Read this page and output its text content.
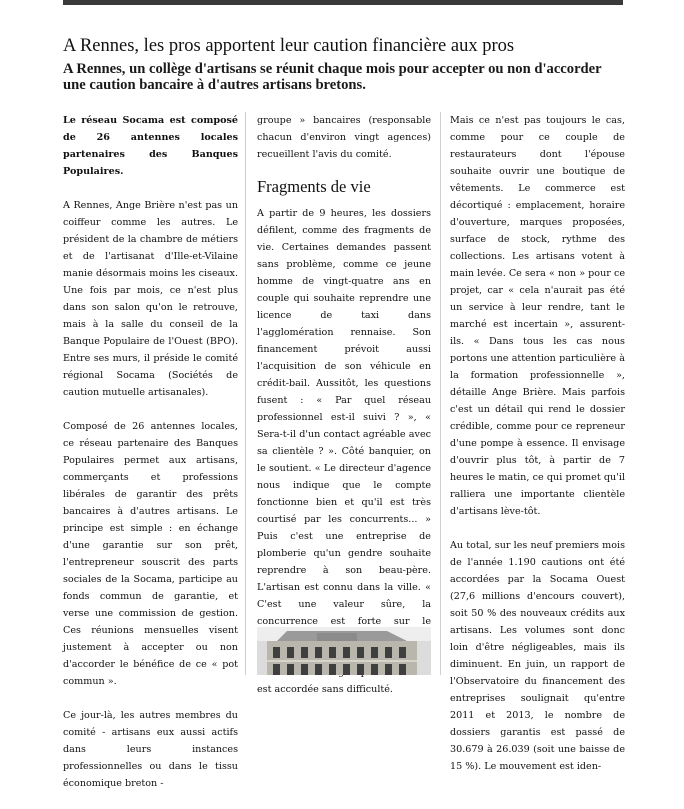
A Rennes, les pros apportent leur caution financière aux pros

A Rennes, un collège d'artisans se réunit chaque mois pour accepter ou non d'accorder une caution bancaire à d'autres artisans bretons.

Le réseau Socama est composé de 26 antennes locales partenaires des Banques Populaires.

A Rennes, Ange Brière n'est pas un coiffeur comme les autres. Le président de la chambre de métiers et de l'artisanat d'Ille-et-Vilaine manie désormais moins les ciseaux. Une fois par mois, ce n'est plus dans son salon qu'on le retrouve, mais à la salle du conseil de la Banque Populaire de l'Ouest (BPO). Entre ses murs, il préside le comité régional Socama (Sociétés de caution mutuelle artisanales).

Composé de 26 antennes locales, ce réseau partenaire des Banques Populaires permet aux artisans, commerçants et professions libérales de garantir des prêts bancaires à d'autres artisans. Le principe est simple : en échange d'une garantie sur son prêt, l'entrepreneur souscrit des parts sociales de la Socama, participe au fonds commun de garantie, et verse une commission de gestion. Ces réunions mensuelles visent justement à accepter ou non d'accorder le bénéfice de ce « pot commun ».

Ce jour-là, les autres membres du comité - artisans eux aussi actifs dans leurs instances professionnelles ou dans le tissu économique breton -

groupe » bancaires (responsable chacun d'environ vingt agences) recueillent l'avis du comité.

Fragments de vie

A partir de 9 heures, les dossiers défilent, comme des fragments de vie. Certaines demandes passent sans problème, comme ce jeune homme de vingt-quatre ans en couple qui souhaite reprendre une licence de taxi dans l'agglomération rennaise. Son financement prévoit aussi l'acquisition de son véhicule en crédit-bail. Aussitôt, les questions fusent : « Par quel réseau professionnel est-il suivi ? », « Sera-t-il d'un contact agréable avec sa clientèle ? ». Côté banquier, on le soutient. « Le directeur d'agence nous indique que le compte fonctionne bien et qu'il est très courtisé par les concurrents... » Puis c'est une entreprise de plomberie qu'un gendre souhaite reprendre à son beau-père. L'artisan est connu dans la ville. « C'est une valeur sûre, la concurrence est forte sur le est accordée sans difficulté.

Mais ce n'est pas toujours le cas, comme pour ce couple de restaurateurs dont l'épouse souhaite ouvrir une boutique de vêtements. Le commerce est décortiqué : emplacement, horaire d'ouverture, marques proposées, surface de stock, rythme des collections. Les artisans votent à main levée. Ce sera « non » pour ce projet, car « cela n'aurait pas été un service à leur rendre, tant le marché est incertain », assurent-ils. « Dans tous les cas nous portons une attention particulière à la formation professionnelle », détaille Ange Brière. Mais parfois c'est un détail qui rend le dossier crédible, comme pour ce repreneur d'une pompe à essence. Il envisage d'ouvrir plus tôt, à partir de 7 heures le matin, ce qui promet qu'il ralliera une importante clientèle d'artisans lève-tôt.

Au total, sur les neuf premiers mois de l'année 1.190 cautions ont été accordées par la Socama Ouest (27,6 millions d'encours couvert), soit 50 % des nouveaux crédits aux artisans. Les volumes sont donc loin d'être négligeables, mais ils diminuent. En juin, un rapport de l'Observatoire du financement des entreprises soulignait qu'entre 2011 et 2013, le nombre de dossiers garantis est passé de 30.679 à 26.039 (soit une baisse de 15 %). Le mouvement est iden-
